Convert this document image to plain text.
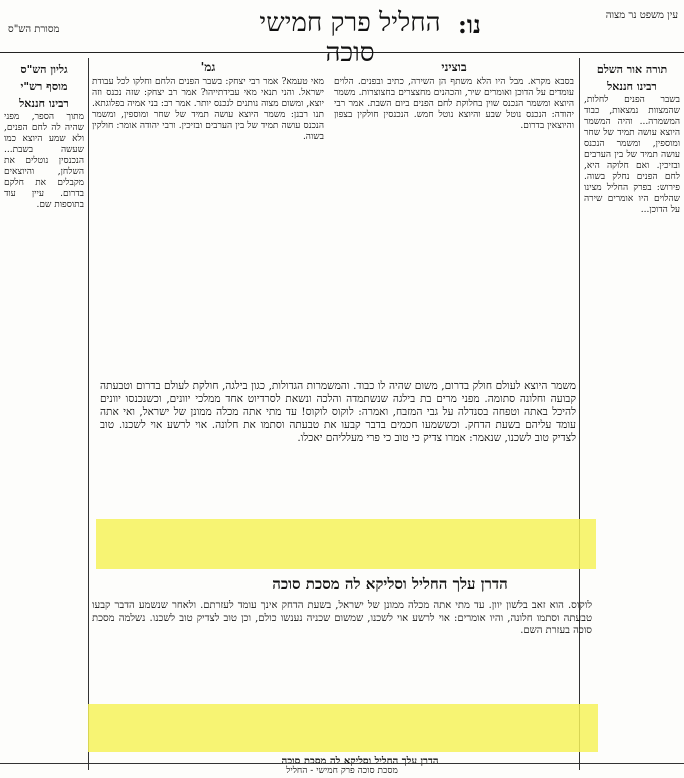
עין משפט נר מצוה
נו:
החליל פרק חמישי סוכה
מסורת הש"ס
תורה אור השלם
רבינו חננאל

בשבר הפנים לחלות, שהמצוות נמצאות, כבוד המשמרה... והיה המשמר היוצא עושה תמיד של שחר ומוספין, ומשמר הנכנס עושה תמיד של בין הערבים ובזיכין. ואם חלוקה היא, לחם הפנים נחלק בשוה. פירוש: בפרק החליל מצינו שהלוים היו אומרים שירה על הדוכן...

בוציני

בסבא מקרא. מבל היו הלא משתף הן השירה, כתיב ובפנים. הלוים עומדים על הדוכן ואומרים שיר, והכהנים מחצצרים בחצוצרות. משמר היוצא ומשמר הנכנס שוין בחלוקת לחם הפנים ביום השבת. אמר רבי יהודה: הנכנס נוטל שבע והיוצא נוטל חמש. הנכנסין חולקין בצפון והיוצאין בדרום.

גמ'

מאי טעמא? אמר רבי יצחק: בשבר הפנים הלחם וחלקו לכל עבודת ישראל. והני תנאי מאי עבידתייהו? אמר רב יצחק: שזה נכנס וזה יוצא, ומשום מצוה נותנים לנכנס יותר. אמר רב: בני אמיה בפלוגתא. תנו רבנן: משמר היוצא עושה תמיד של שחר ומוספין, ומשמר הנכנס עושה תמיד של בין הערבים ובזיכין. ורבי יהודה אומר: חולקין בשוה.

גליון הש"ס
מוסף רש"י
רבינו חננאל

מתוך הספר, מפני שהיה לה לחם הפנים, ולא שמע היוצא כמו שעשה בשבת... הנכנסין נוטלים את השלחן, והיוצאים מקבלים את חלקם בדרום. עיין עוד בתוספות שם.

משמר היוצא לעולם חולק בדרום, משום שהיה לו כבוד. והמשמרות הגדולות, כגון בילגה, חולקת לעולם בדרום וטבעתה קבועה וחלונה סתומה. מפני מרים בת בילגה שנשתמדה והלכה ונשאת לסרדיוט אחד ממלכי יוונים, וכשנכנסו יוונים להיכל באתה וטפחה בסנדלה על גבי המזבח, ואמרה: לוקוס לוקוס! עד מתי אתה מכלה ממונן של ישראל, ואי אתה עומד עליהם בשעת הדחק. וכששמעו חכמים בדבר קבעו את טבעתה וסתמו את חלונה. אוי לרשע אוי לשכנו. טוב לצדיק טוב לשכנו, שנאמר: אמרו צדיק כי טוב כי פרי מעלליהם יאכלו.
הדרן עלך החליל וסליקא לה מסכת סוכה
לוקוס. הוא זאב בלשון יוון. עד מתי אתה מכלה ממונן של ישראל, בשעת הדחק אינך עומד לעזרתם. ולאחר שנשמע הדבר קבעו טבעתה וסתמו חלונה, והיו אומרים: אוי לרשע אוי לשכנו, שמשום שכניה נענשו כולם, וכן טוב לצדיק טוב לשכנו. נשלמה מסכת סוכה בעזרת השם.
הדרן עלך החליל וסליקא לה מסכת סוכה
מסכת סוכה פרק חמישי - החליל
